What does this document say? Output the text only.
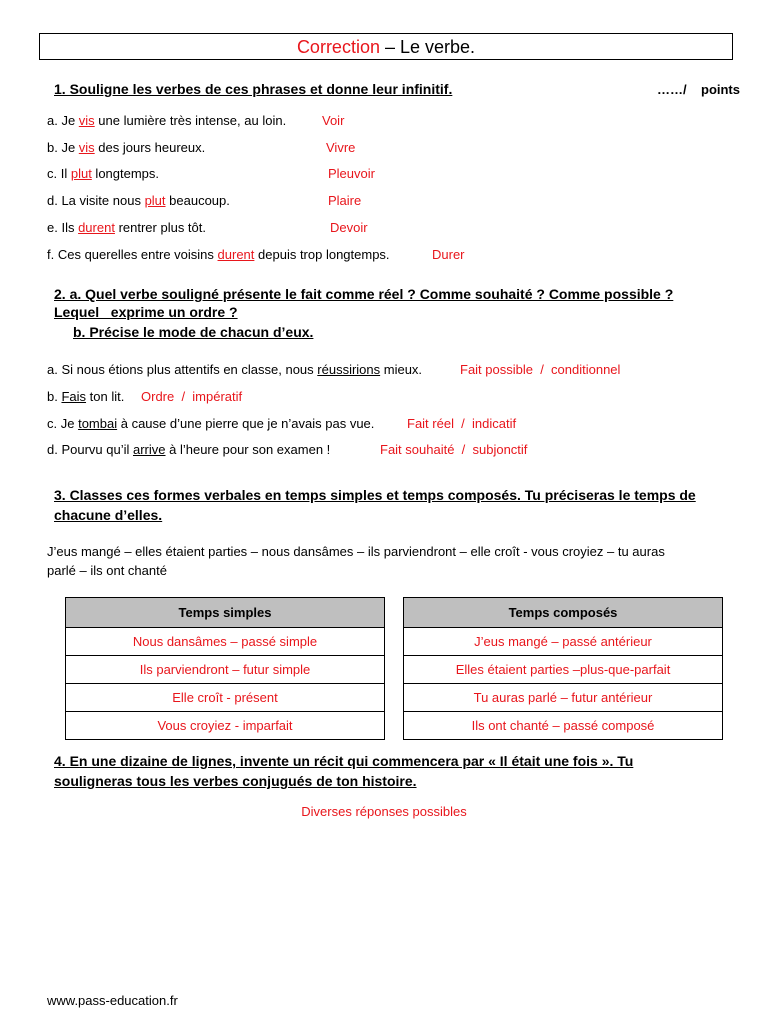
Correction – Le verbe.
1. Souligne les verbes de ces phrases et donne leur infinitif.	……/ points
a. Je vis une lumière très intense, au loin.	Voir
b. Je vis des jours heureux.	Vivre
c. Il plut longtemps.	Pleuvoir
d. La visite nous plut beaucoup.	Plaire
e. Ils durent rentrer plus tôt.	Devoir
f. Ces querelles entre voisins durent depuis trop longtemps.	Durer
2. a. Quel verbe souligné présente le fait comme réel ? Comme souhaité ? Comme possible ?
Lequel   exprime un ordre ?
b. Précise le mode de chacun d’eux.
a. Si nous étions plus attentifs en classe, nous réussirions mieux.	Fait possible  /  conditionnel
b. Fais ton lit. Ordre  /  impératif
c. Je tombai à cause d’une pierre que je n’avais pas vue.	Fait réel  /  indicatif
d. Pourvu qu’il arrive à l’heure pour son examen !	Fait souhaité  /  subjonctif
3. Classes ces formes verbales en temps simples et temps composés. Tu préciseras le temps de
chacune d’elles.
J’eus mangé – elles étaient parties – nous dansâmes – ils parviendront – elle croît - vous croyiez – tu auras
parlé – ils ont chanté
Temps simples
Nous dansâmes – passé simple
Ils parviendront – futur simple
Elle croît - présent
Vous croyiez - imparfait
Temps composés
J’eus mangé – passé antérieur
Elles étaient parties –plus-que-parfait
Tu auras parlé – futur antérieur
Ils ont chanté – passé composé
4. En une dizaine de lignes, invente un récit qui commencera par « Il était une fois ». Tu
souligneras tous les verbes conjugués de ton histoire.
Diverses réponses possibles
www.pass-education.fr
